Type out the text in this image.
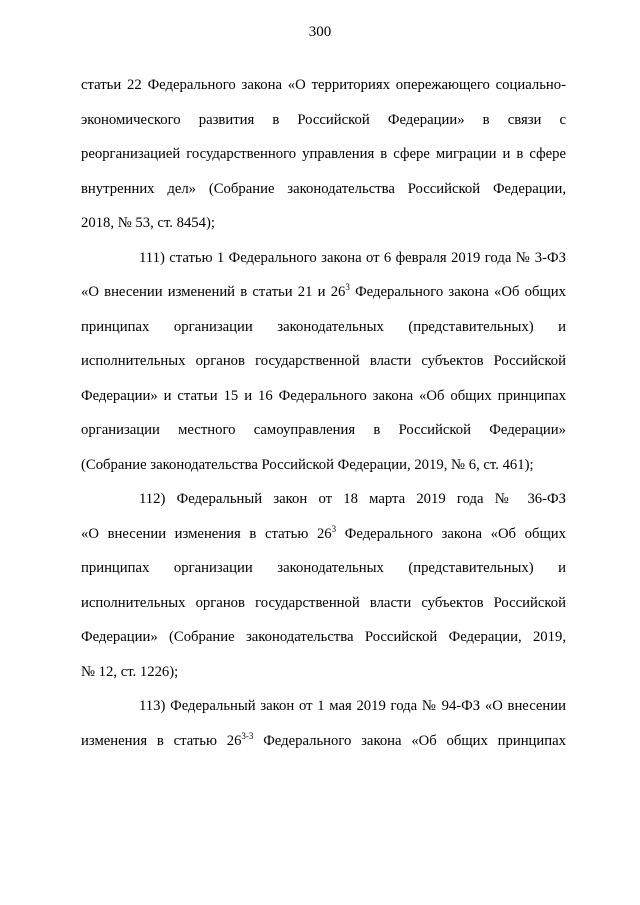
300
статьи 22 Федерального закона «О территориях опережающего социально-
экономического развития в Российской Федерации» в связи с
реорганизацией государственного управления в сфере миграции и в сфере
внутренних дел» (Собрание законодательства Российской Федерации,
2018, № 53, ст. 8454);
111) статью 1 Федерального закона от 6 февраля 2019 года № 3-ФЗ
«О внесении изменений в статьи 21 и $26^3$ Федерального закона «Об общих
принципах организации законодательных (представительных) и
исполнительных органов государственной власти субъектов Российской
Федерации» и статьи 15 и 16 Федерального закона «Об общих принципах
организации местного самоуправления в Российской Федерации»
(Собрание законодательства Российской Федерации, 2019, № 6, ст. 461);
112) Федеральный закон от 18 марта 2019 года № 36-ФЗ
«О внесении изменения в статью $26^3$ Федерального закона «Об общих
принципах организации законодательных (представительных) и
исполнительных органов государственной власти субъектов Российской
Федерации» (Собрание законодательства Российской Федерации, 2019,
№ 12, ст. 1226);
113) Федеральный закон от 1 мая 2019 года № 94-ФЗ «О внесении
изменения в статью 26$^{3-3}$ Федерального закона «Об общих принципах
